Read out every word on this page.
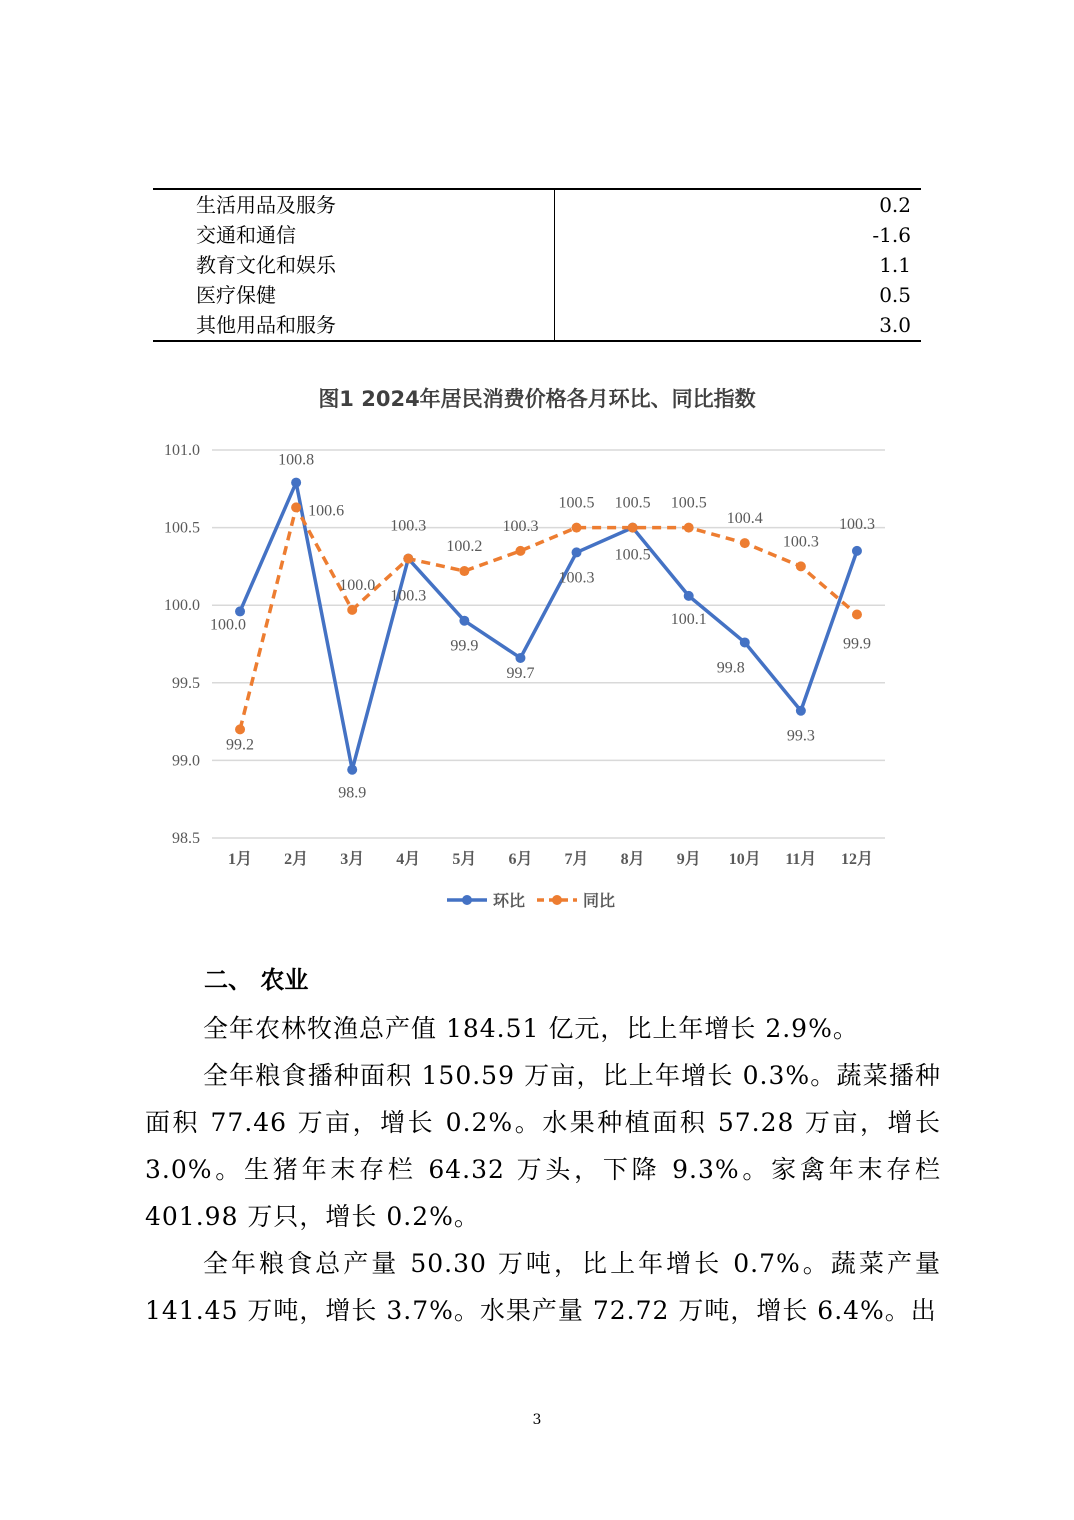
生活用品及服务	0.2
交通和通信	-1.6
教育文化和娱乐	1.1
医疗保健	0.5
其他用品和服务	3.0
图1 2024年居民消费价格各月环比、同比指数
101.0
100.5
100.0
99.5
99.0
98.5
1月 2月 3月 4月 5月 6月 7月 8月 9月 10月 11月 12月
100.0
100.8
98.9
100.3
99.9
99.7
100.3
100.5
100.1
99.8
99.3
100.3
99.2
100.6
100.0
100.3
100.2
100.3
100.5 100.5 100.5
100.4
100.3
99.9
环比	同比
二、 农业

全年农林牧渔总产值 184.51 亿元，比上年增长 2.9%。

全年粮食播种面积 150.59 万亩，比上年增长 0.3%。蔬菜播种面积 77.46 万亩，增长 0.2%。水果种植面积 57.28 万亩，增长 3.0%。生猪年末存栏 64.32 万头，下降 9.3%。家禽年末存栏 401.98 万只，增长 0.2%。

全年粮食总产量 50.30 万吨，比上年增长 0.7%。蔬菜产量 141.45 万吨，增长 3.7%。水果产量 72.72 万吨，增长 6.4%。出

3
